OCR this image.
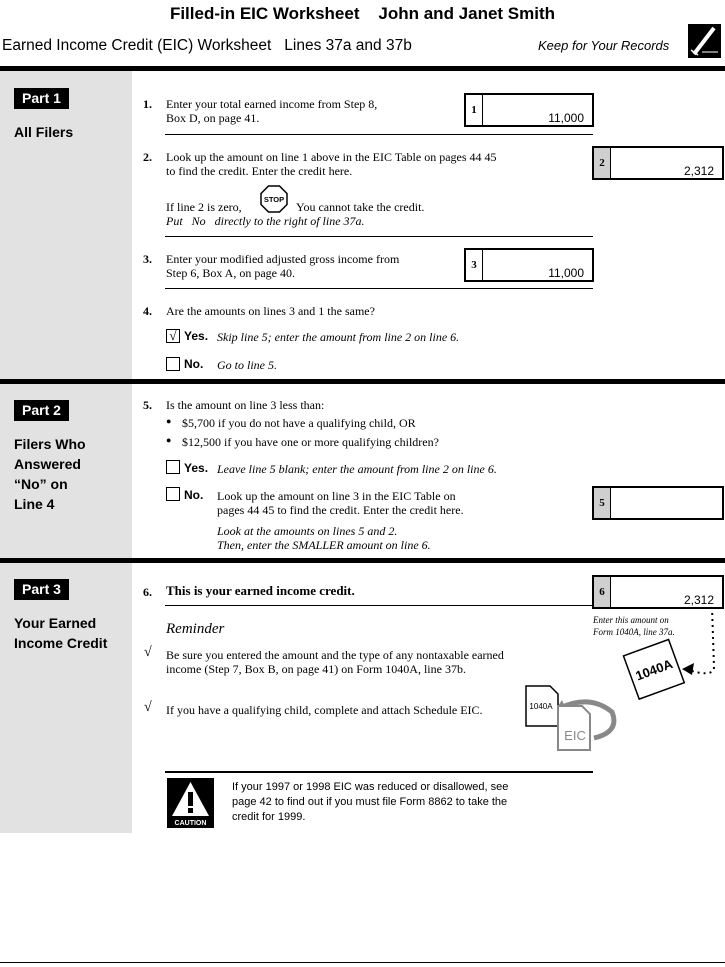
Filled-in EIC Worksheet    John and Janet Smith
Earned Income Credit (EIC) Worksheet   Lines 37a and 37b	Keep for Your Records
Part 1
All Filers
1. Enter your total earned income from Step 8,
Box D, on page 41.
1
11,000
2. Look up the amount on line 1 above in the EIC Table on pages 44 45
to find the credit. Enter the credit here.
2
2,312
If line 2 is zero,
STOP
You cannot take the credit.
Put   No   directly to the right of line 37a.
3. Enter your modified adjusted gross income from
Step 6, Box A, on page 40.
3
11,000
4. Are the amounts on lines 3 and 1 the same?
√ Yes. Skip line 5; enter the amount from line 2 on line 6.
No. Go to line 5.
Part 2
Filers Who
Answered
“No” on
Line 4
5. Is the amount on line 3 less than:
● $5,700 if you do not have a qualifying child, OR
● $12,500 if you have one or more qualifying children?
Yes. Leave line 5 blank; enter the amount from line 2 on line 6.
No. Look up the amount on line 3 in the EIC Table on
pages 44 45 to find the credit. Enter the credit here.
Look at the amounts on lines 5 and 2.
Then, enter the SMALLER amount on line 6.
5
Part 3
Your Earned
Income Credit
6. This is your earned income credit.	6
2,312
Enter this amount on
Form 1040A, line 37a.
1040A
Reminder
√ Be sure you entered the amount and the type of any nontaxable earned
income (Step 7, Box B, on page 41) on Form 1040A, line 37b.
√ If you have a qualifying child, complete and attach Schedule EIC.	1040A
EIC
CAUTION
If your 1997 or 1998 EIC was reduced or disallowed, see
page 42 to find out if you must file Form 8862 to take the
credit for 1999.
